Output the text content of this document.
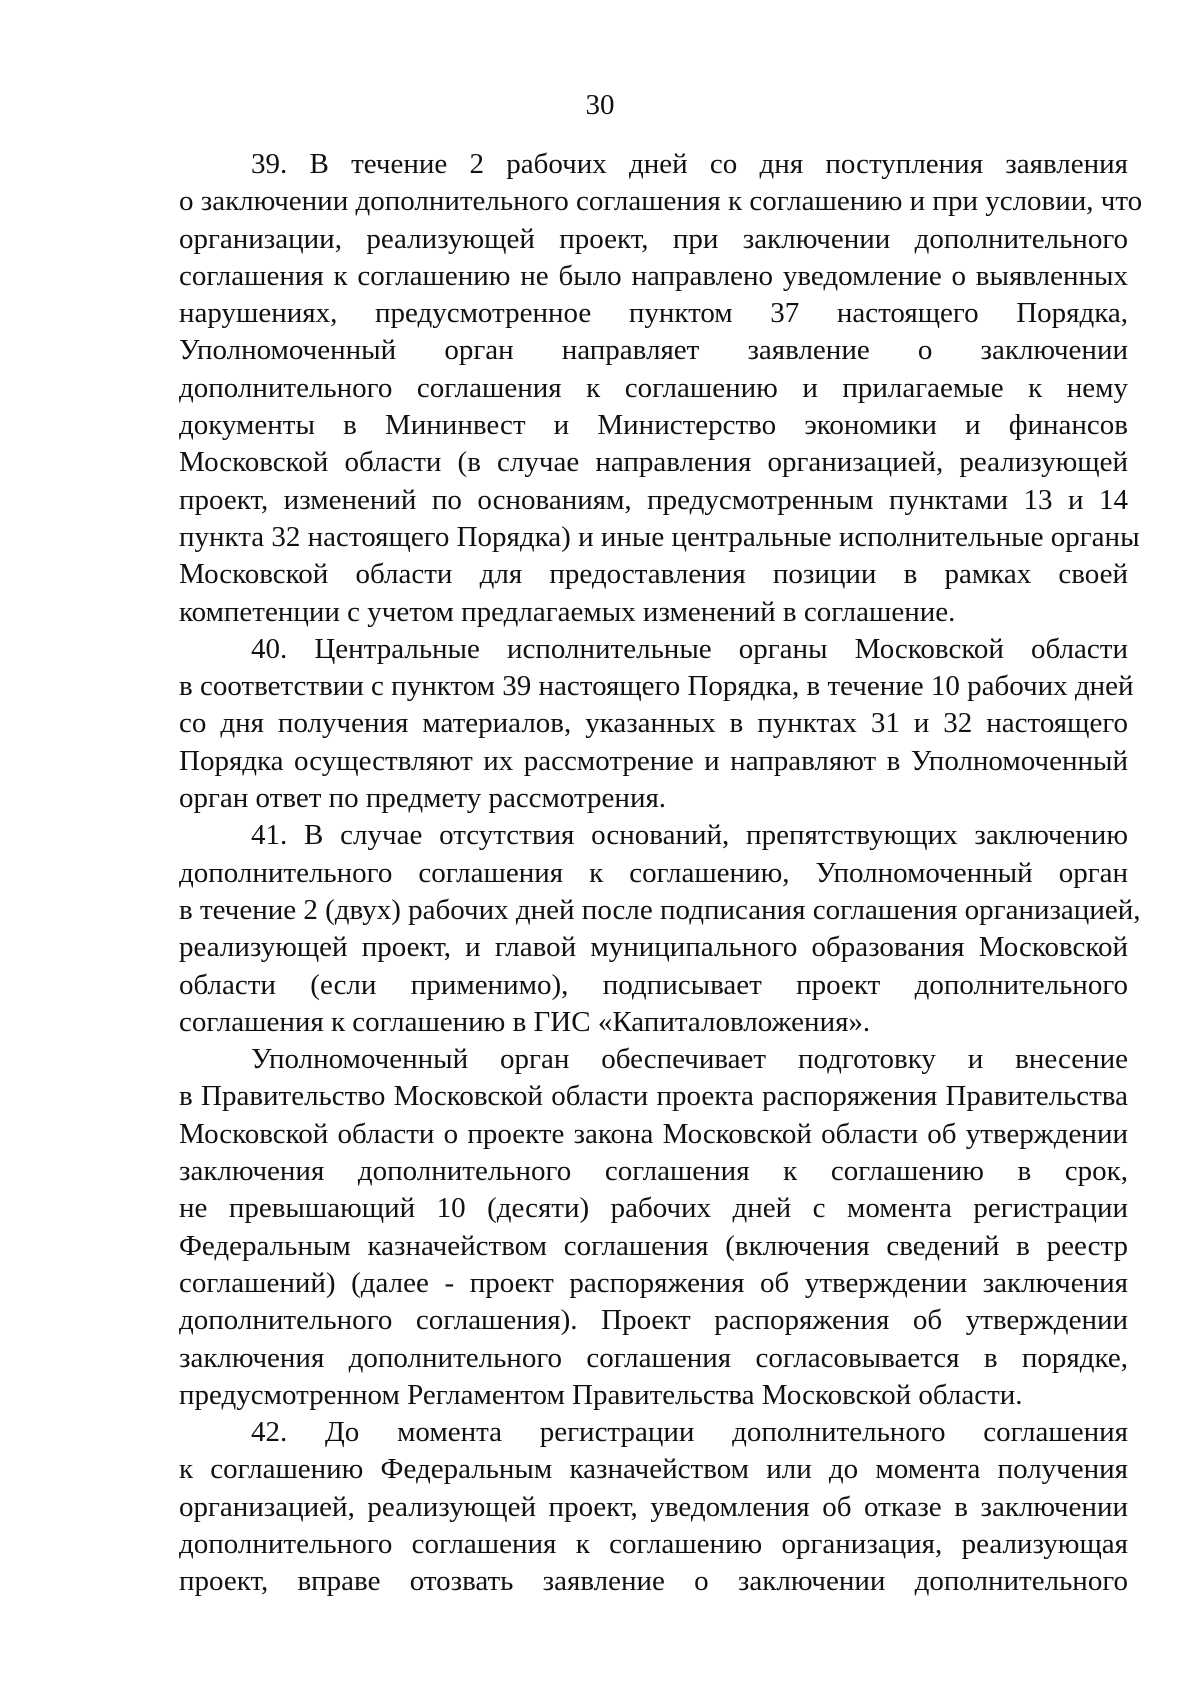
30
39. В течение 2 рабочих дней со дня поступления заявления
о заключении дополнительного соглашения к соглашению и при условии, что
организации, реализующей проект, при заключении дополнительного
соглашения к соглашению не было направлено уведомление о выявленных
нарушениях, предусмотренное пунктом 37 настоящего Порядка,
Уполномоченный орган направляет заявление о заключении
дополнительного соглашения к соглашению и прилагаемые к нему
документы в Мининвест и Министерство экономики и финансов
Московской области (в случае направления организацией, реализующей
проект, изменений по основаниям, предусмотренным пунктами 13 и 14
пункта 32 настоящего Порядка) и иные центральные исполнительные органы
Московской области для предоставления позиции в рамках своей
компетенции с учетом предлагаемых изменений в соглашение.
40. Центральные исполнительные органы Московской области
в соответствии с пунктом 39 настоящего Порядка, в течение 10 рабочих дней
со дня получения материалов, указанных в пунктах 31 и 32 настоящего
Порядка осуществляют их рассмотрение и направляют в Уполномоченный
орган ответ по предмету рассмотрения.
41. В случае отсутствия оснований, препятствующих заключению
дополнительного соглашения к соглашению, Уполномоченный орган
в течение 2 (двух) рабочих дней после подписания соглашения организацией,
реализующей проект, и главой муниципального образования Московской
области (если применимо), подписывает проект дополнительного
соглашения к соглашению в ГИС «Капиталовложения».
Уполномоченный орган обеспечивает подготовку и внесение
в Правительство Московской области проекта распоряжения Правительства
Московской области о проекте закона Московской области об утверждении
заключения дополнительного соглашения к соглашению в срок,
не превышающий 10 (десяти) рабочих дней с момента регистрации
Федеральным казначейством соглашения (включения сведений в реестр
соглашений) (далее - проект распоряжения об утверждении заключения
дополнительного соглашения). Проект распоряжения об утверждении
заключения дополнительного соглашения согласовывается в порядке,
предусмотренном Регламентом Правительства Московской области.
42. До момента регистрации дополнительного соглашения
к соглашению Федеральным казначейством или до момента получения
организацией, реализующей проект, уведомления об отказе в заключении
дополнительного соглашения к соглашению организация, реализующая
проект, вправе отозвать заявление о заключении дополнительного
